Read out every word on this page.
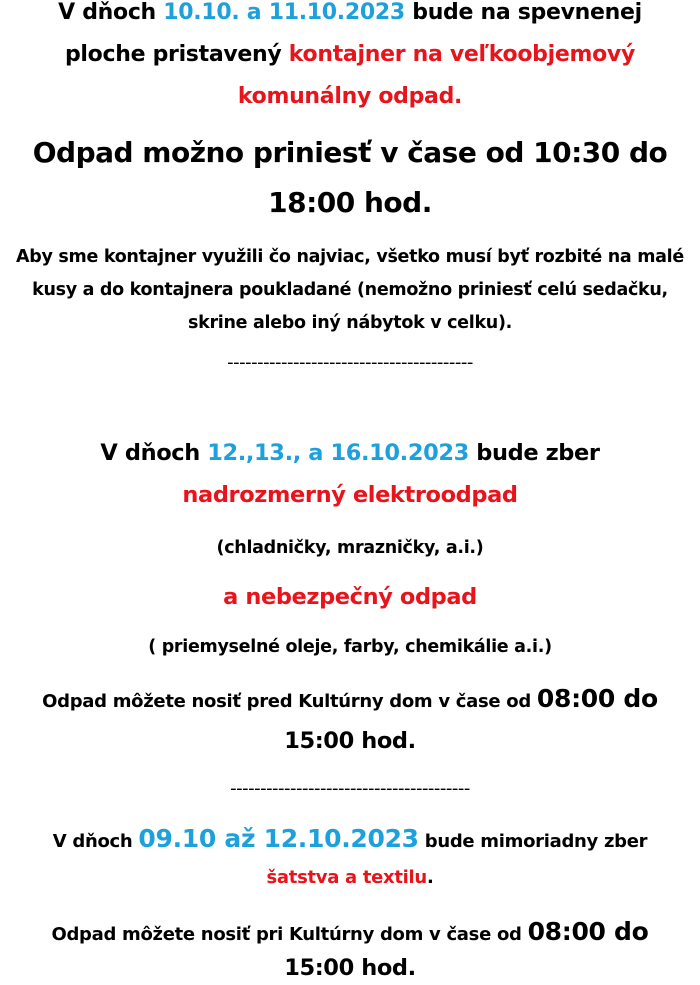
V dňoch 10.10. a 11.10.2023 bude na spevnenej
ploche pristavený kontajner na veľkoobjemový
komunálny odpad.
Odpad možno priniesť v čase od 10:30 do
18:00 hod.
Aby sme kontajner využili čo najviac, všetko musí byť rozbité na malé
kusy a do kontajnera poukladané (nemožno priniesť celú sedačku,
skrine alebo iný nábytok v celku).
-----------------------------------------
V dňoch 12.,13., a 16.10.2023 bude zber
nadrozmerný elektroodpad
(chladničky, mrazničky, a.i.)
a nebezpečný odpad
( priemyselné oleje, farby, chemikálie a.i.)
Odpad môžete nosiť pred Kultúrny dom v čase od 08:00 do
15:00 hod.
----------------------------------------
V dňoch 09.10 až 12.10.2023 bude mimoriadny zber
šatstva a textilu.
Odpad môžete nosiť pri Kultúrny dom v čase od 08:00 do
15:00 hod.
